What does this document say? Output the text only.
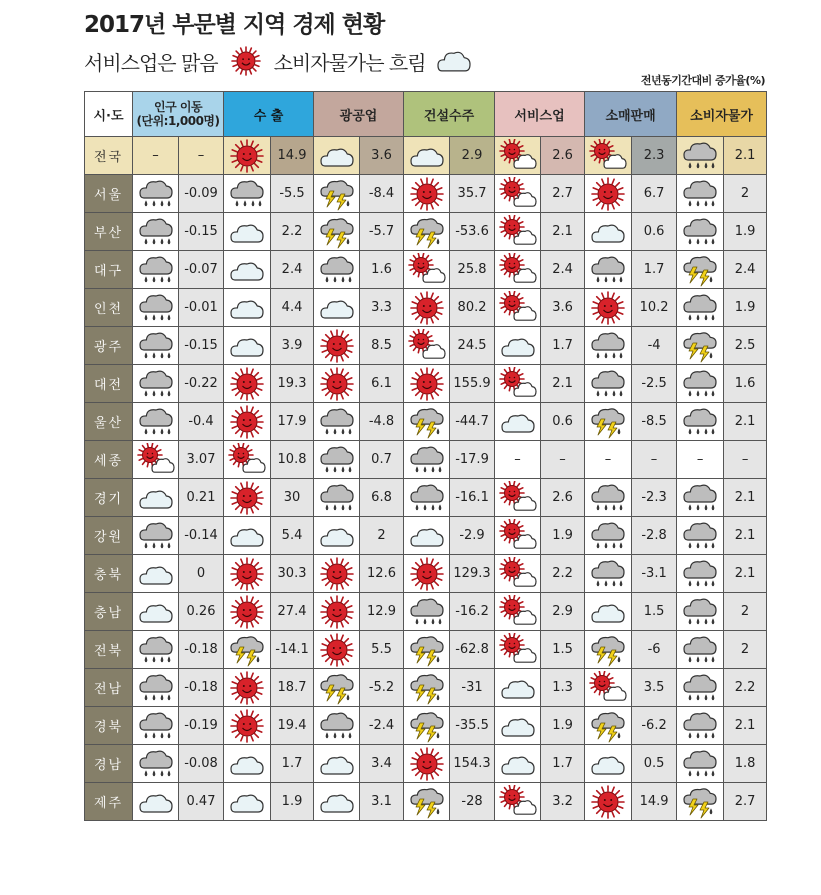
2017년 부문별 지역 경제 현황
서비스업은 맑음	소비자물가는 흐림
전년동기간대비 증가율(%)
시·도	인구 이동
(단위:1,000명)		수 출		광공업		건설수주		서비스업		소매판매		소비자물가	
전국	–	–		14.9		3.6		2.9		2.6		2.3		2.1
서울		-0.09		-5.5		-8.4		35.7		2.7		6.7		2
부산		-0.15		2.2		-5.7		-53.6		2.1		0.6		1.9
대구		-0.07		2.4		1.6		25.8		2.4		1.7		2.4
인천		-0.01		4.4		3.3		80.2		3.6		10.2		1.9
광주		-0.15		3.9		8.5		24.5		1.7		-4		2.5
대전		-0.22		19.3		6.1		155.9		2.1		-2.5		1.6
울산		-0.4		17.9		-4.8		-44.7		0.6		-8.5		2.1
세종		3.07		10.8		0.7		-17.9	–	–	–	–	–	–
경기		0.21		30		6.8		-16.1		2.6		-2.3		2.1
강원		-0.14		5.4		2		-2.9		1.9		-2.8		2.1
충북		0		30.3		12.6		129.3		2.2		-3.1		2.1
충남		0.26		27.4		12.9		-16.2		2.9		1.5		2
전북		-0.18		-14.1		5.5		-62.8		1.5		-6		2
전남		-0.18		18.7		-5.2		-31		1.3		3.5		2.2
경북		-0.19		19.4		-2.4		-35.5		1.9		-6.2		2.1
경남		-0.08		1.7		3.4		154.3		1.7		0.5		1.8
제주		0.47		1.9		3.1		-28		3.2		14.9		2.7
